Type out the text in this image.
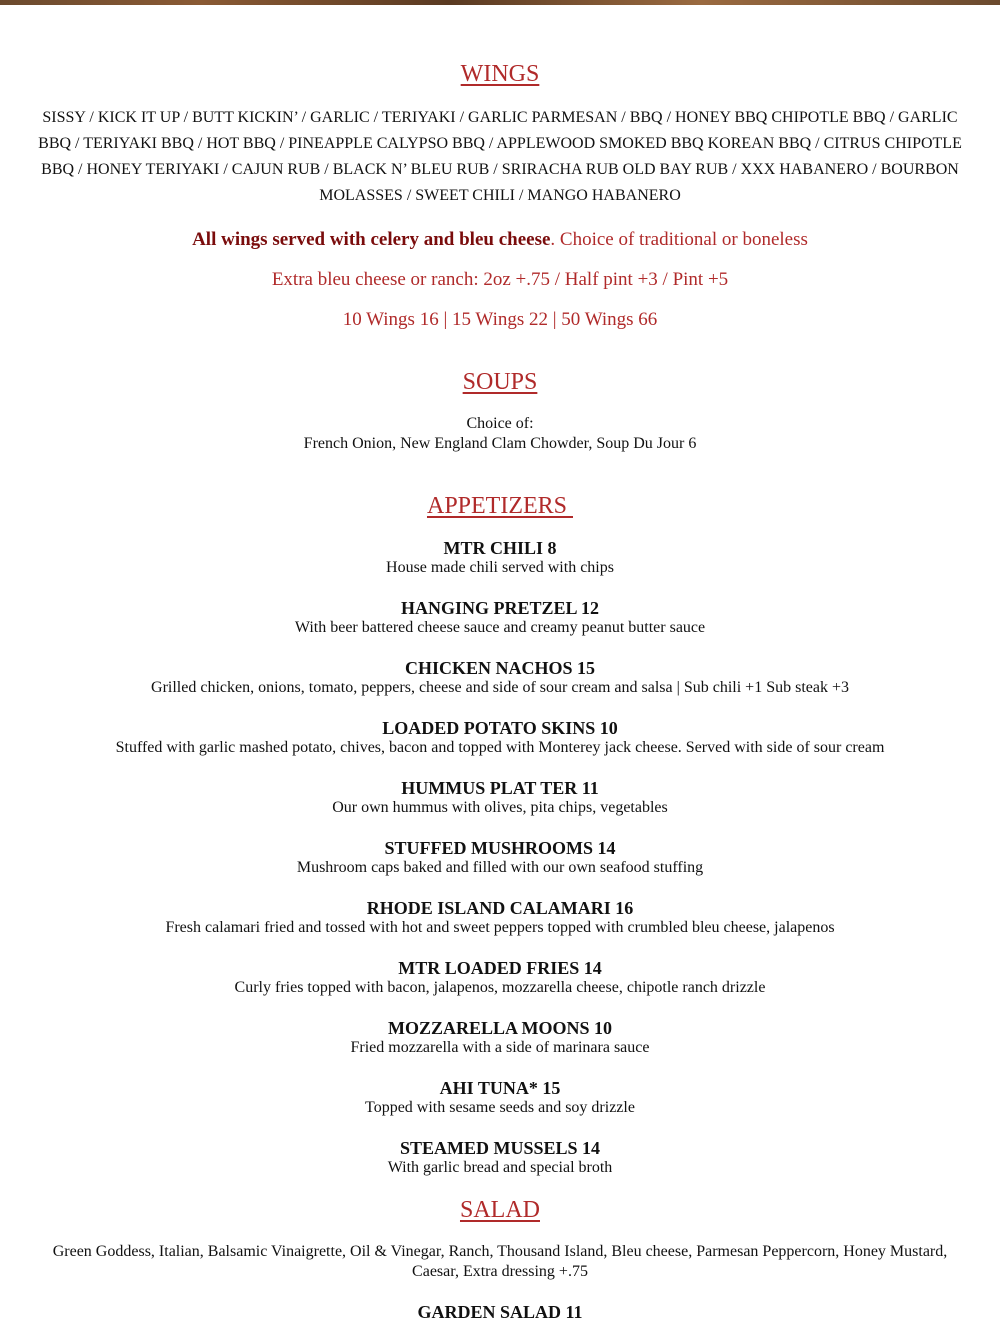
WINGS

SISSY / KICK IT UP / BUTT KICKIN’ / GARLIC / TERIYAKI / GARLIC PARMESAN / BBQ / HONEY BBQ CHIPOTLE BBQ / GARLIC BBQ / TERIYAKI BBQ / HOT BBQ / PINEAPPLE CALYPSO BBQ / APPLEWOOD SMOKED BBQ KOREAN BBQ / CITRUS CHIPOTLE BBQ / HONEY TERIYAKI / CAJUN RUB / BLACK N’ BLEU RUB / SRIRACHA RUB OLD BAY RUB / XXX HABANERO / BOURBON MOLASSES / SWEET CHILI / MANGO HABANERO

All wings served with celery and bleu cheese. Choice of traditional or boneless

Extra bleu cheese or ranch: 2oz +.75 / Half pint +3 / Pint +5

10 Wings 16 | 15 Wings 22 | 50 Wings 66

SOUPS

Choice of:

French Onion, New England Clam Chowder, Soup Du Jour 6

APPETIZERS

MTR CHILI 8

House made chili served with chips

HANGING PRETZEL 12

With beer battered cheese sauce and creamy peanut butter sauce

CHICKEN NACHOS 15

Grilled chicken, onions, tomato, peppers, cheese and side of sour cream and salsa | Sub chili +1 Sub steak +3

LOADED POTATO SKINS 10

Stuffed with garlic mashed potato, chives, bacon and topped with Monterey jack cheese. Served with side of sour cream

HUMMUS PLAT TER 11

Our own hummus with olives, pita chips, vegetables

STUFFED MUSHROOMS 14

Mushroom caps baked and filled with our own seafood stuffing

RHODE ISLAND CALAMARI 16

Fresh calamari fried and tossed with hot and sweet peppers topped with crumbled bleu cheese, jalapenos

MTR LOADED FRIES 14

Curly fries topped with bacon, jalapenos, mozzarella cheese, chipotle ranch drizzle

MOZZARELLA MOONS 10

Fried mozzarella with a side of marinara sauce

AHI TUNA* 15

Topped with sesame seeds and soy drizzle

STEAMED MUSSELS 14

With garlic bread and special broth

SALAD

Green Goddess, Italian, Balsamic Vinaigrette, Oil & Vinegar, Ranch, Thousand Island, Bleu cheese, Parmesan Peppercorn, Honey Mustard, Caesar, Extra dressing +.75

GARDEN SALAD 11
